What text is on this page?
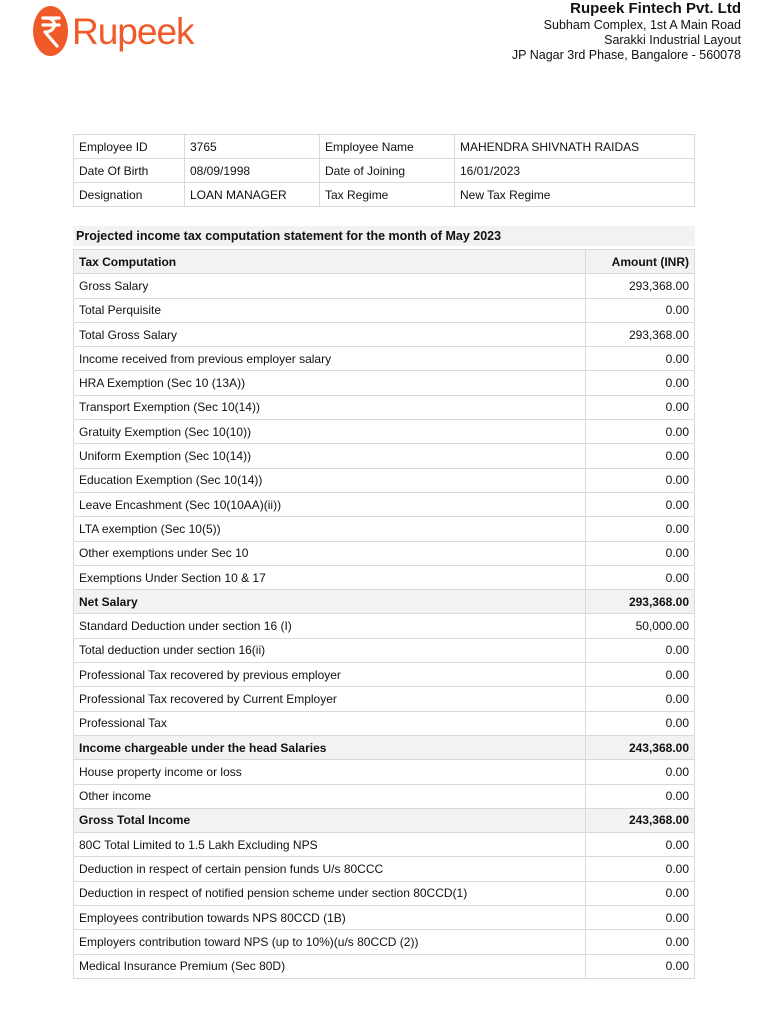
Rupeek
Rupeek Fintech Pvt. Ltd
Subham Complex, 1st A Main Road
Sarakki Industrial Layout
JP Nagar 3rd Phase, Bangalore - 560078
Employee ID	3765	Employee Name	MAHENDRA SHIVNATH RAIDAS
Date Of Birth	08/09/1998	Date of Joining	16/01/2023
Designation	LOAN MANAGER	Tax Regime	New Tax Regime
Projected income tax computation statement for the month of May 2023
Tax Computation	Amount (INR)
Gross Salary	293,368.00
Total Perquisite	0.00
Total Gross Salary	293,368.00
Income received from previous employer salary	0.00
HRA Exemption (Sec 10 (13A))	0.00
Transport Exemption (Sec 10(14))	0.00
Gratuity Exemption (Sec 10(10))	0.00
Uniform Exemption (Sec 10(14))	0.00
Education Exemption (Sec 10(14))	0.00
Leave Encashment (Sec 10(10AA)(ii))	0.00
LTA exemption (Sec 10(5))	0.00
Other exemptions under Sec 10	0.00
Exemptions Under Section 10 & 17	0.00
Net Salary	293,368.00
Standard Deduction under section 16 (I)	50,000.00
Total deduction under section 16(ii)	0.00
Professional Tax recovered by previous employer	0.00
Professional Tax recovered by Current Employer	0.00
Professional Tax	0.00
Income chargeable under the head Salaries	243,368.00
House property income or loss	0.00
Other income	0.00
Gross Total Income	243,368.00
80C Total Limited to 1.5 Lakh Excluding NPS	0.00
Deduction in respect of certain pension funds U/s 80CCC	0.00
Deduction in respect of notified pension scheme under section 80CCD(1)	0.00
Employees contribution towards NPS 80CCD (1B)	0.00
Employers contribution toward NPS (up to 10%)(u/s 80CCD (2))	0.00
Medical Insurance Premium (Sec 80D)	0.00
